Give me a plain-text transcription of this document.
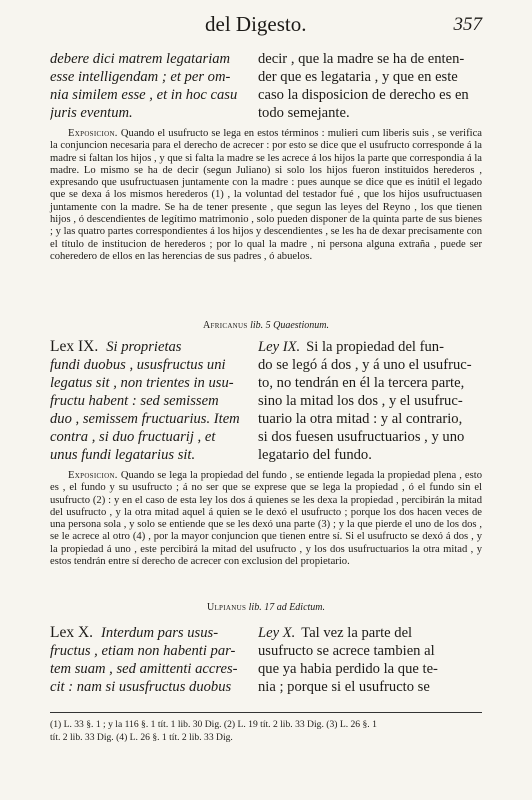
del Digesto.	357
debere dici matrem legatariam
esse intelligendam ; et per om-
nia similem esse , et in hoc casu
juris eventum.
decir , que la madre se ha de enten-
der que es legataria , y que en este
caso la disposicion de derecho es en
todo semejante.

Exposicion. Quando el usufructo se lega en estos términos : mulieri cum liberis suis , se verifica la conjuncion necesaria para el derecho de acrecer : por esto se dice que el usufructo corresponde á la madre si faltan los hijos , y que si falta la madre se les acrece á los hijos la parte que correspondia á la madre. Lo mismo se ha de decir (segun Juliano) si solo los hijos fueron instituidos herederos , expresando que usufructuasen juntamente con la madre : pues aunque se dice que es inútil el legado que se dexa á los mismos herederos (1) , la voluntad del testador fué , que los hijos usufructuasen juntamente con la madre. Se ha de tener presente , que segun las leyes del Reyno , los que tienen hijos , ó descendientes de legítimo matrimonio , solo pueden disponer de la quinta parte de sus bienes ; y las quatro partes correspondientes á los hijos y descendientes , se les ha de dexar precisamente con el título de institucion de herederos ; por lo qual la madre , ni persona alguna extraña , puede ser coheredero de ellos en las herencias de sus padres , ó abuelos.

Africanus lib. 5 Quaestionum.
Lex IX. Si proprietas
fundi duobus , ususfructus uni
legatus sit , non trientes in usu-
fructu habent : sed semissem
duo , semissem fructuarius. Item
contra , si duo fructuarij , et
unus fundi legatarius sit.
Ley IX. Si la propiedad del fun-
do se legó á dos , y á uno el usufruc-
to, no tendrán en él la tercera parte,
sino la mitad los dos , y el usufruc-
tuario la otra mitad : y al contrario,
si dos fuesen usufructuarios , y uno
legatario del fundo.

Exposicion. Quando se lega la propiedad del fundo , se entiende legada la propiedad plena , esto es , el fundo y su usufructo ; á no ser que se exprese que se lega la propiedad , ó el fundo sin el usufructo (2) : y en el caso de esta ley los dos á quienes se les dexa la propiedad , percibirán la mitad del usufructo , y la otra mitad aquel á quien se le dexó el usufructo ; porque los dos hacen veces de una persona sola , y solo se entiende que se les dexó una parte (3) ; y la que pierde el uno de los dos , se le acrece al otro (4) , por la mayor conjuncion que tienen entre sí. Si el usufructo se dexó á dos , y la propiedad á uno , este percibirá la mitad del usufructo , y los dos usufructuarios la otra mitad , y estos tendrán entre sí derecho de acrecer con exclusion del propietario.

Ulpianus lib. 17 ad Edictum.
Lex X. Interdum pars usus-
fructus , etiam non habenti par-
tem suam , sed amittenti accres-
cit : nam si ususfructus duobus
Ley X. Tal vez la parte del
usufructo se acrece tambien al
que ya habia perdido la que te-
nia ; porque si el usufructo se
(1) L. 33 §. 1 ; y la 116 §. 1 tít. 1 lib. 30 Dig. (2) L. 19 tít. 2 lib. 33 Dig. (3) L. 26 §. 1
tít. 2 lib. 33 Dig. (4) L. 26 §. 1 tít. 2 lib. 33 Dig.
